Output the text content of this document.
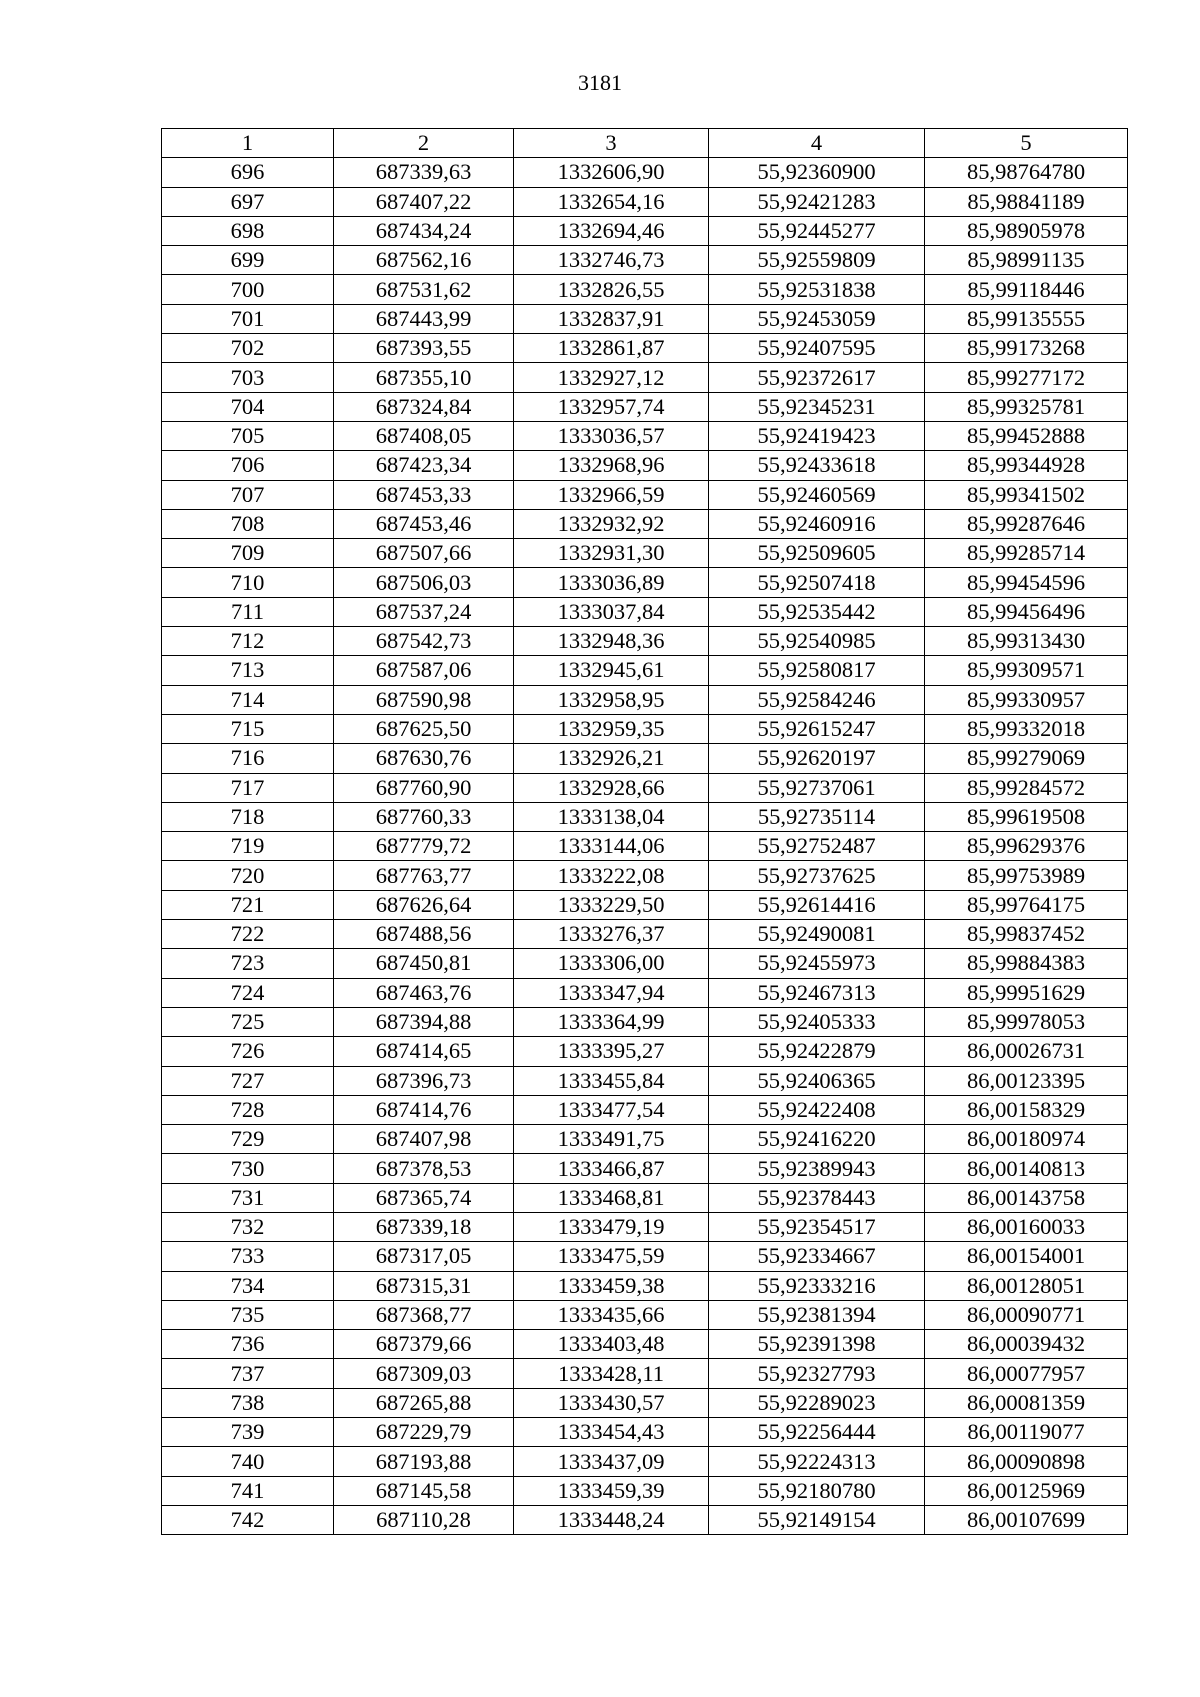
3181
1	2	3	4	5
696	687339,63	1332606,90	55,92360900	85,98764780
697	687407,22	1332654,16	55,92421283	85,98841189
698	687434,24	1332694,46	55,92445277	85,98905978
699	687562,16	1332746,73	55,92559809	85,98991135
700	687531,62	1332826,55	55,92531838	85,99118446
701	687443,99	1332837,91	55,92453059	85,99135555
702	687393,55	1332861,87	55,92407595	85,99173268
703	687355,10	1332927,12	55,92372617	85,99277172
704	687324,84	1332957,74	55,92345231	85,99325781
705	687408,05	1333036,57	55,92419423	85,99452888
706	687423,34	1332968,96	55,92433618	85,99344928
707	687453,33	1332966,59	55,92460569	85,99341502
708	687453,46	1332932,92	55,92460916	85,99287646
709	687507,66	1332931,30	55,92509605	85,99285714
710	687506,03	1333036,89	55,92507418	85,99454596
711	687537,24	1333037,84	55,92535442	85,99456496
712	687542,73	1332948,36	55,92540985	85,99313430
713	687587,06	1332945,61	55,92580817	85,99309571
714	687590,98	1332958,95	55,92584246	85,99330957
715	687625,50	1332959,35	55,92615247	85,99332018
716	687630,76	1332926,21	55,92620197	85,99279069
717	687760,90	1332928,66	55,92737061	85,99284572
718	687760,33	1333138,04	55,92735114	85,99619508
719	687779,72	1333144,06	55,92752487	85,99629376
720	687763,77	1333222,08	55,92737625	85,99753989
721	687626,64	1333229,50	55,92614416	85,99764175
722	687488,56	1333276,37	55,92490081	85,99837452
723	687450,81	1333306,00	55,92455973	85,99884383
724	687463,76	1333347,94	55,92467313	85,99951629
725	687394,88	1333364,99	55,92405333	85,99978053
726	687414,65	1333395,27	55,92422879	86,00026731
727	687396,73	1333455,84	55,92406365	86,00123395
728	687414,76	1333477,54	55,92422408	86,00158329
729	687407,98	1333491,75	55,92416220	86,00180974
730	687378,53	1333466,87	55,92389943	86,00140813
731	687365,74	1333468,81	55,92378443	86,00143758
732	687339,18	1333479,19	55,92354517	86,00160033
733	687317,05	1333475,59	55,92334667	86,00154001
734	687315,31	1333459,38	55,92333216	86,00128051
735	687368,77	1333435,66	55,92381394	86,00090771
736	687379,66	1333403,48	55,92391398	86,00039432
737	687309,03	1333428,11	55,92327793	86,00077957
738	687265,88	1333430,57	55,92289023	86,00081359
739	687229,79	1333454,43	55,92256444	86,00119077
740	687193,88	1333437,09	55,92224313	86,00090898
741	687145,58	1333459,39	55,92180780	86,00125969
742	687110,28	1333448,24	55,92149154	86,00107699
